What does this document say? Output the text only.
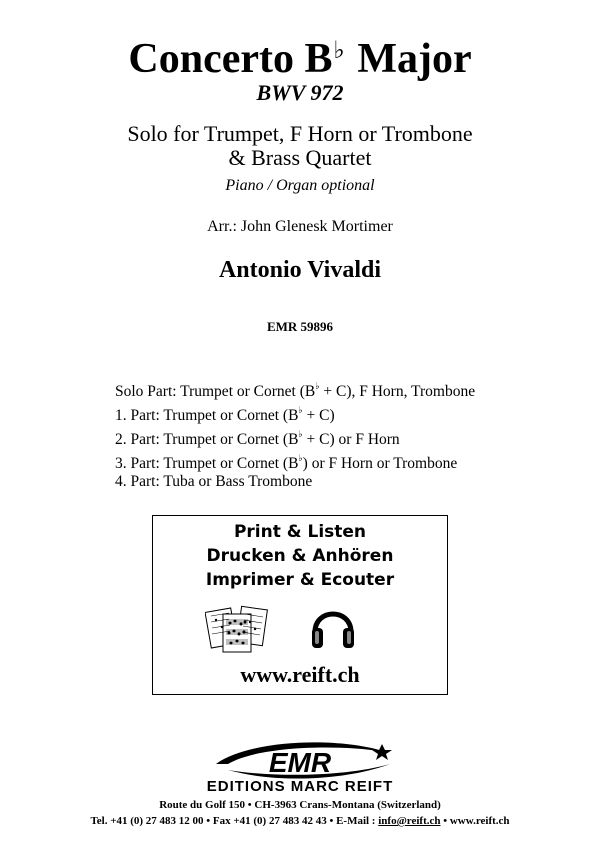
Concerto B♭ Major
BWV 972
Solo for Trumpet, F Horn or Trombone
& Brass Quartet
Piano / Organ optional
Arr.: John Glenesk Mortimer
Antonio Vivaldi
EMR 59896
Solo Part: Trumpet or Cornet (B♭ + C), F Horn, Trombone
1. Part: Trumpet or Cornet (B♭ + C)
2. Part: Trumpet or Cornet (B♭ + C) or F Horn
3. Part: Trumpet or Cornet (B♭) or F Horn or Trombone
4. Part: Tuba or Bass Trombone
Print & Listen
Drucken & Anhören
Imprimer & Ecouter
www.reift.ch
EMR
EDITIONS MARC REIFT
Route du Golf 150 • CH-3963 Crans-Montana (Switzerland)
Tel. +41 (0) 27 483 12 00 • Fax +41 (0) 27 483 42 43 • E-Mail : info@reift.ch • www.reift.ch
